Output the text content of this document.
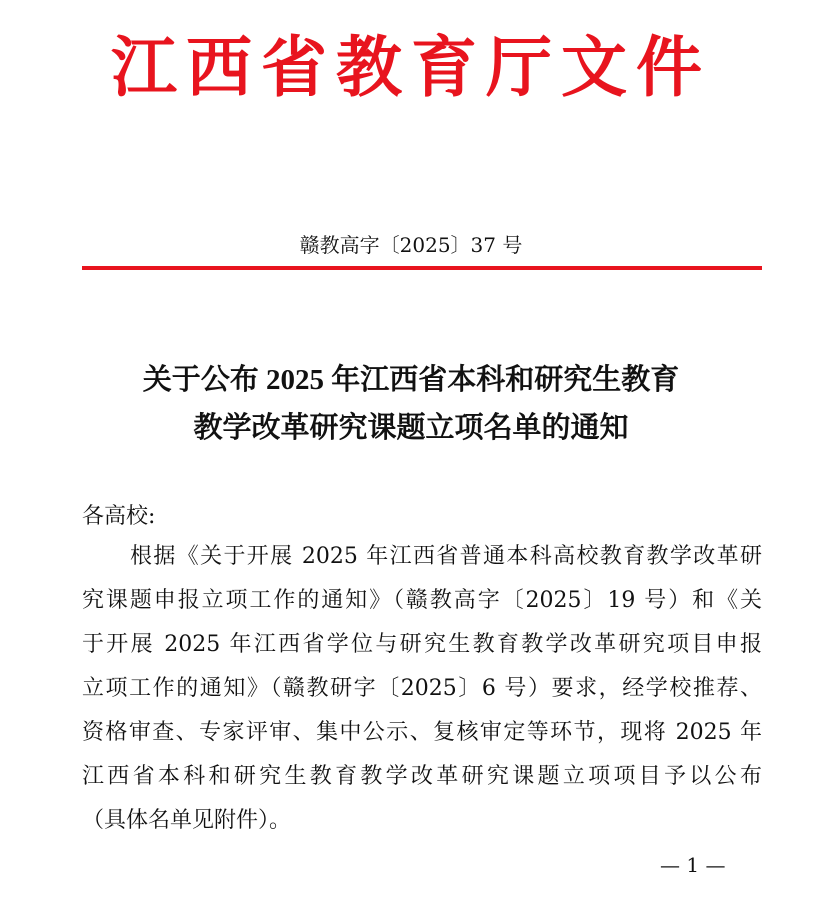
江西省教育厅文件
赣教高字〔2025〕37 号
关于公布 2025 年江西省本科和研究生教育
教学改革研究课题立项名单的通知
各高校:
根据《关于开展 2025 年江西省普通本科高校教育教学改革研
究课题申报立项工作的通知》（赣教高字〔2025〕19 号）和《关
于开展 2025 年江西省学位与研究生教育教学改革研究项目申报
立项工作的通知》（赣教研字〔2025〕6 号）要求，经学校推荐、
资格审查、专家评审、集中公示、复核审定等环节，现将 2025 年
江西省本科和研究生教育教学改革研究课题立项项目予以公布
（具体名单见附件）。
— 1 —
